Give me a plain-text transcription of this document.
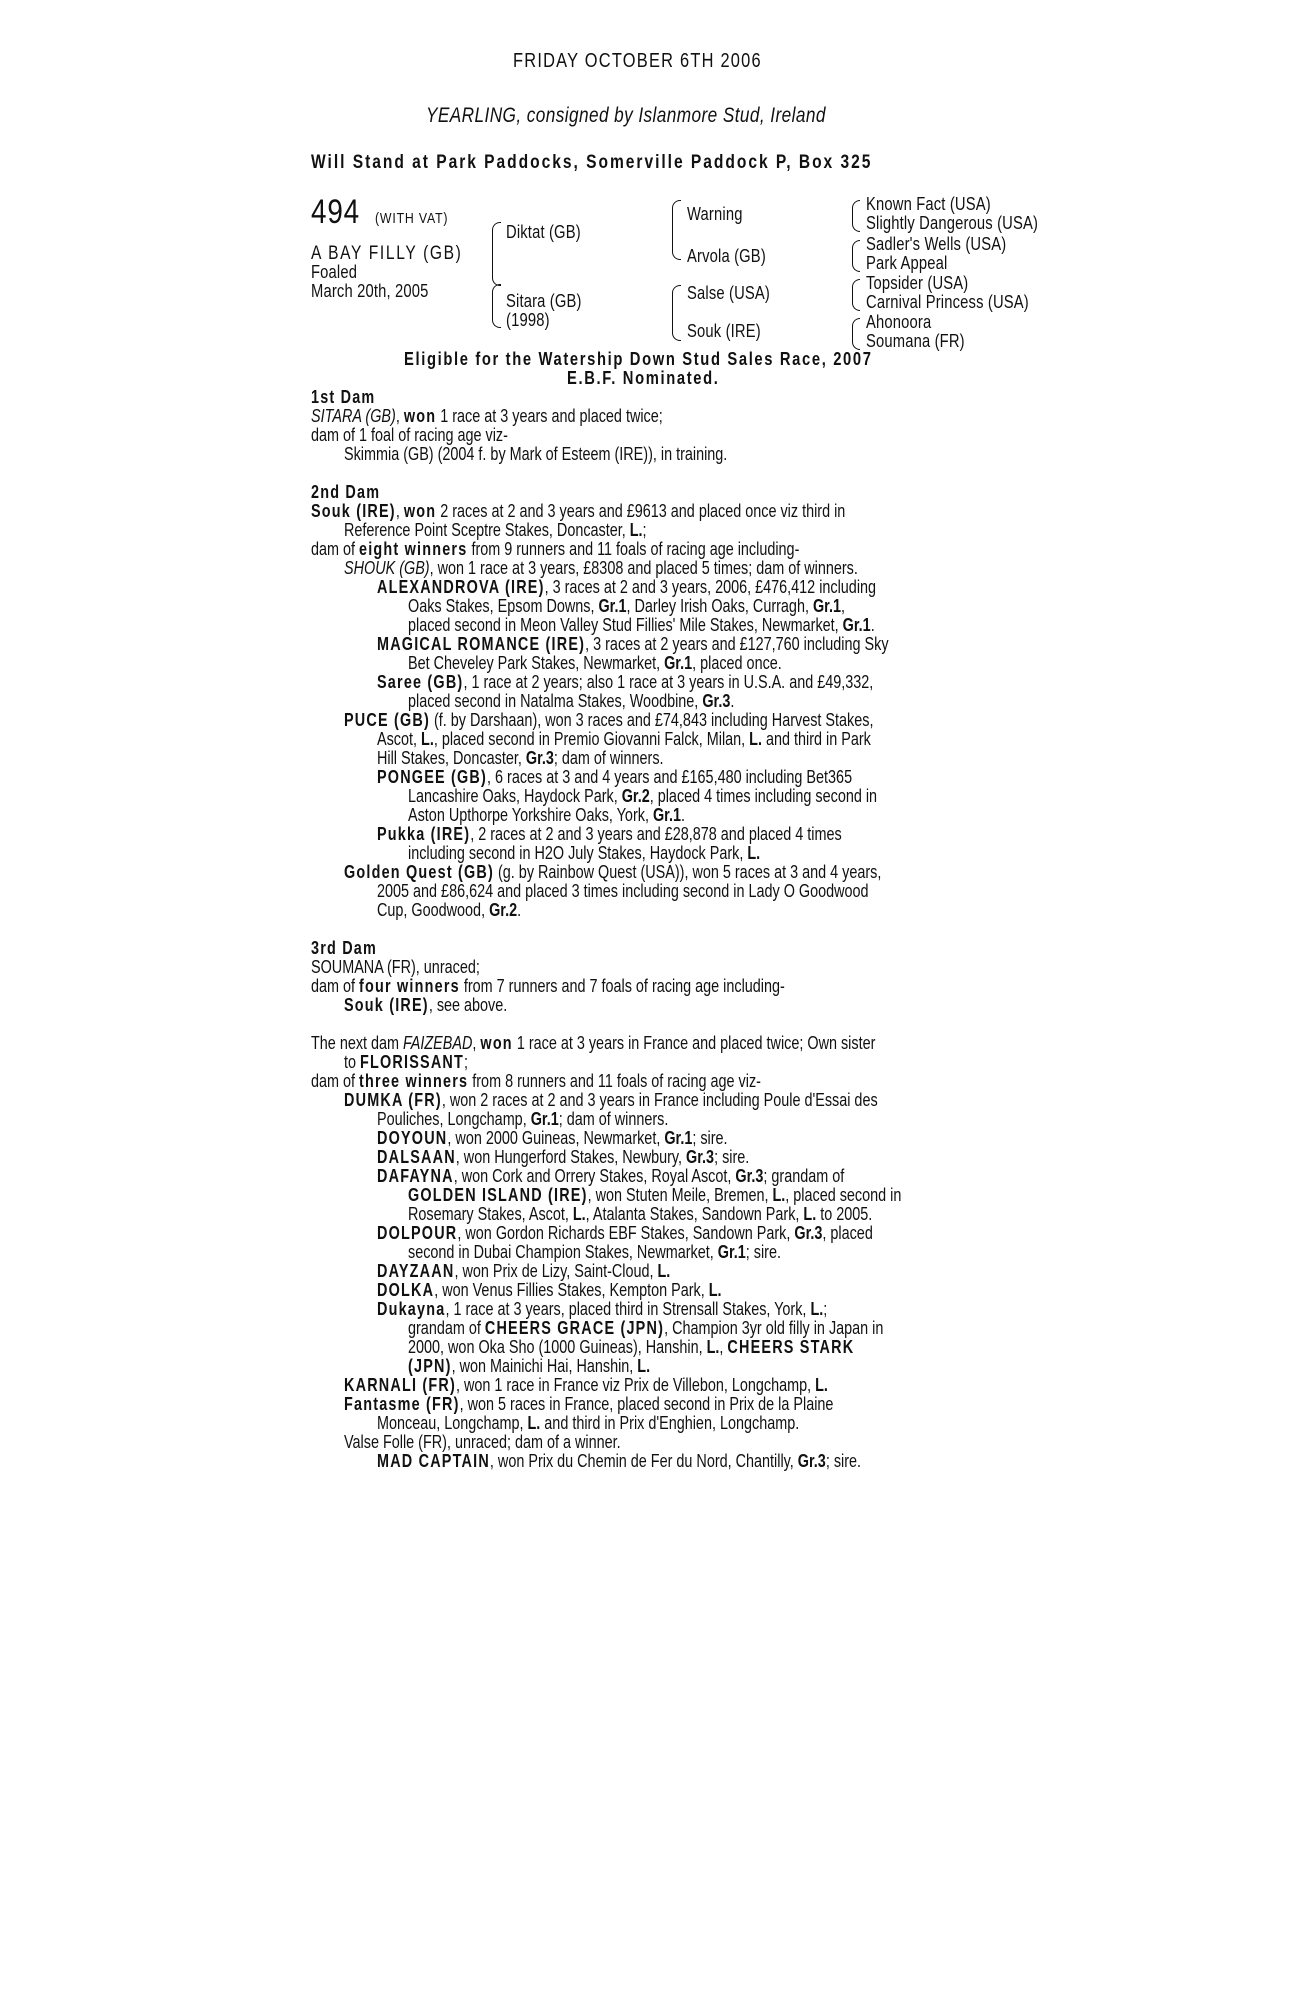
FRIDAY OCTOBER 6TH 2006
YEARLING, consigned by Islanmore Stud, Ireland
Will Stand at Park Paddocks, Somerville Paddock P, Box 325
494 (WITH VAT)
A BAY FILLY (GB)
Foaled
March 20th, 2005
Diktat (GB)
Sitara (GB)
(1998)
Warning
Arvola (GB)
Salse (USA)
Souk (IRE)
Known Fact (USA)
Slightly Dangerous (USA)
Sadler's Wells (USA)
Park Appeal
Topsider (USA)
Carnival Princess (USA)
Ahonoora
Soumana (FR)
Eligible for the Watership Down Stud Sales Race, 2007
E.B.F. Nominated.
1st Dam
SITARA (GB), won 1 race at 3 years and placed twice;
dam of 1 foal of racing age viz-
Skimmia (GB) (2004 f. by Mark of Esteem (IRE)), in training.
2nd Dam
Souk (IRE), won 2 races at 2 and 3 years and £9613 and placed once viz third in
Reference Point Sceptre Stakes, Doncaster, L.;
dam of eight winners from 9 runners and 11 foals of racing age including-
SHOUK (GB), won 1 race at 3 years, £8308 and placed 5 times; dam of winners.
ALEXANDROVA (IRE), 3 races at 2 and 3 years, 2006, £476,412 including
Oaks Stakes, Epsom Downs, Gr.1, Darley Irish Oaks, Curragh, Gr.1,
placed second in Meon Valley Stud Fillies' Mile Stakes, Newmarket, Gr.1.
MAGICAL ROMANCE (IRE), 3 races at 2 years and £127,760 including Sky
Bet Cheveley Park Stakes, Newmarket, Gr.1, placed once.
Saree (GB), 1 race at 2 years; also 1 race at 3 years in U.S.A. and £49,332,
placed second in Natalma Stakes, Woodbine, Gr.3.
PUCE (GB) (f. by Darshaan), won 3 races and £74,843 including Harvest Stakes,
Ascot, L., placed second in Premio Giovanni Falck, Milan, L. and third in Park
Hill Stakes, Doncaster, Gr.3; dam of winners.
PONGEE (GB), 6 races at 3 and 4 years and £165,480 including Bet365
Lancashire Oaks, Haydock Park, Gr.2, placed 4 times including second in
Aston Upthorpe Yorkshire Oaks, York, Gr.1.
Pukka (IRE), 2 races at 2 and 3 years and £28,878 and placed 4 times
including second in H2O July Stakes, Haydock Park, L.
Golden Quest (GB) (g. by Rainbow Quest (USA)), won 5 races at 3 and 4 years,
2005 and £86,624 and placed 3 times including second in Lady O Goodwood
Cup, Goodwood, Gr.2.
3rd Dam
SOUMANA (FR), unraced;
dam of four winners from 7 runners and 7 foals of racing age including-
Souk (IRE), see above.
The next dam FAIZEBAD, won 1 race at 3 years in France and placed twice; Own sister
to FLORISSANT;
dam of three winners from 8 runners and 11 foals of racing age viz-
DUMKA (FR), won 2 races at 2 and 3 years in France including Poule d'Essai des
Pouliches, Longchamp, Gr.1; dam of winners.
DOYOUN, won 2000 Guineas, Newmarket, Gr.1; sire.
DALSAAN, won Hungerford Stakes, Newbury, Gr.3; sire.
DAFAYNA, won Cork and Orrery Stakes, Royal Ascot, Gr.3; grandam of
GOLDEN ISLAND (IRE), won Stuten Meile, Bremen, L., placed second in
Rosemary Stakes, Ascot, L., Atalanta Stakes, Sandown Park, L. to 2005.
DOLPOUR, won Gordon Richards EBF Stakes, Sandown Park, Gr.3, placed
second in Dubai Champion Stakes, Newmarket, Gr.1; sire.
DAYZAAN, won Prix de Lizy, Saint-Cloud, L.
DOLKA, won Venus Fillies Stakes, Kempton Park, L.
Dukayna, 1 race at 3 years, placed third in Strensall Stakes, York, L.;
grandam of CHEERS GRACE (JPN), Champion 3yr old filly in Japan in
2000, won Oka Sho (1000 Guineas), Hanshin, L., CHEERS STARK
(JPN), won Mainichi Hai, Hanshin, L.
KARNALI (FR), won 1 race in France viz Prix de Villebon, Longchamp, L.
Fantasme (FR), won 5 races in France, placed second in Prix de la Plaine
Monceau, Longchamp, L. and third in Prix d'Enghien, Longchamp.
Valse Folle (FR), unraced; dam of a winner.
MAD CAPTAIN, won Prix du Chemin de Fer du Nord, Chantilly, Gr.3; sire.
